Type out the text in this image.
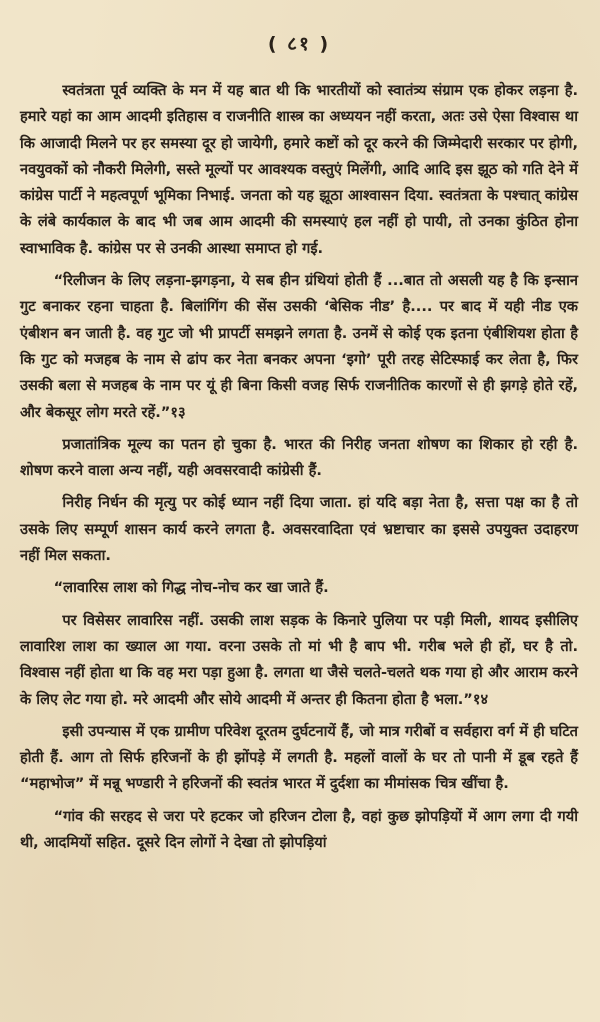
( ८१ )

स्वतंत्रता पूर्व व्यक्ति के मन में यह बात थी कि भारतीयों को स्वातंत्र्य संग्राम एक होकर लड़ना है. हमारे यहां का आम आदमी इतिहास व राजनीति शास्त्र का अध्ययन नहीं करता, अतः उसे ऐसा विश्वास था कि आजादी मिलने पर हर समस्या दूर हो जायेगी, हमारे कष्टों को दूर करने की जिम्मेदारी सरकार पर होगी, नवयुवकों को नौकरी मिलेगी, सस्ते मूल्यों पर आवश्यक वस्तुएं मिलेंगी, आदि आदि इस झूठ को गति देने में कांग्रेस पार्टी ने महत्वपूर्ण भूमिका निभाई. जनता को यह झूठा आश्वासन दिया. स्वतंत्रता के पश्चात् कांग्रेस के लंबे कार्यकाल के बाद भी जब आम आदमी की समस्याएं हल नहीं हो पायी, तो उनका कुंठित होना स्वाभाविक है. कांग्रेस पर से उनकी आस्था समाप्त हो गई.

“रिलीजन के लिए लड़ना-झगड़ना, ये सब हीन ग्रंथियां होती हैं ...बात तो असली यह है कि इन्सान गुट बनाकर रहना चाहता है. बिलांगिंग की सेंस उसकी ‘बेसिक नीड’ है.... पर बाद में यही नीड एक एंबीशन बन जाती है. वह गुट जो भी प्रापर्टी समझने लगता है. उनमें से कोई एक इतना एंबीशियश होता है कि गुट को मजहब के नाम से ढांप कर नेता बनकर अपना ‘इगो’ पूरी तरह सेटिस्फाई कर लेता है, फिर उसकी बला से मजहब के नाम पर यूं ही बिना किसी वजह सिर्फ राजनीतिक कारणों से ही झगड़े होते रहें, और बेकसूर लोग मरते रहें.”१३

प्रजातांत्रिक मूल्य का पतन हो चुका है. भारत की निरीह जनता शोषण का शिकार हो रही है. शोषण करने वाला अन्य नहीं, यही अवसरवादी कांग्रेसी हैं.

निरीह निर्धन की मृत्यु पर कोई ध्यान नहीं दिया जाता. हां यदि बड़ा नेता है, सत्ता पक्ष का है तो उसके लिए सम्पूर्ण शासन कार्य करने लगता है. अवसरवादिता एवं भ्रष्टाचार का इससे उपयुक्त उदाहरण नहीं मिल सकता.

“लावारिस लाश को गिद्ध नोच-नोच कर खा जाते हैं.

पर विसेसर लावारिस नहीं. उसकी लाश सड़क के किनारे पुलिया पर पड़ी मिली, शायद इसीलिए लावारिश लाश का ख्याल आ गया. वरना उसके तो मां भी है बाप भी. गरीब भले ही हों, घर है तो. विश्वास नहीं होता था कि वह मरा पड़ा हुआ है. लगता था जैसे चलते-चलते थक गया हो और आराम करने के लिए लेट गया हो. मरे आदमी और सोये आदमी में अन्तर ही कितना होता है भला.”१४

इसी उपन्यास में एक ग्रामीण परिवेश दूरतम दुर्घटनायें हैं, जो मात्र गरीबों व सर्वहारा वर्ग में ही घटित होती हैं. आग तो सिर्फ हरिजनों के ही झोंपड़े में लगती है. महलों वालों के घर तो पानी में डूब रहते हैं “महाभोज” में मन्नू भण्डारी ने हरिजनों की स्वतंत्र भारत में दुर्दशा का मीमांसक चित्र खींचा है.

“गांव की सरहद से जरा परे हटकर जो हरिजन टोला है, वहां कुछ झोपड़ियों में आग लगा दी गयी थी, आदमियों सहित. दूसरे दिन लोगों ने देखा तो झोपड़ियां
